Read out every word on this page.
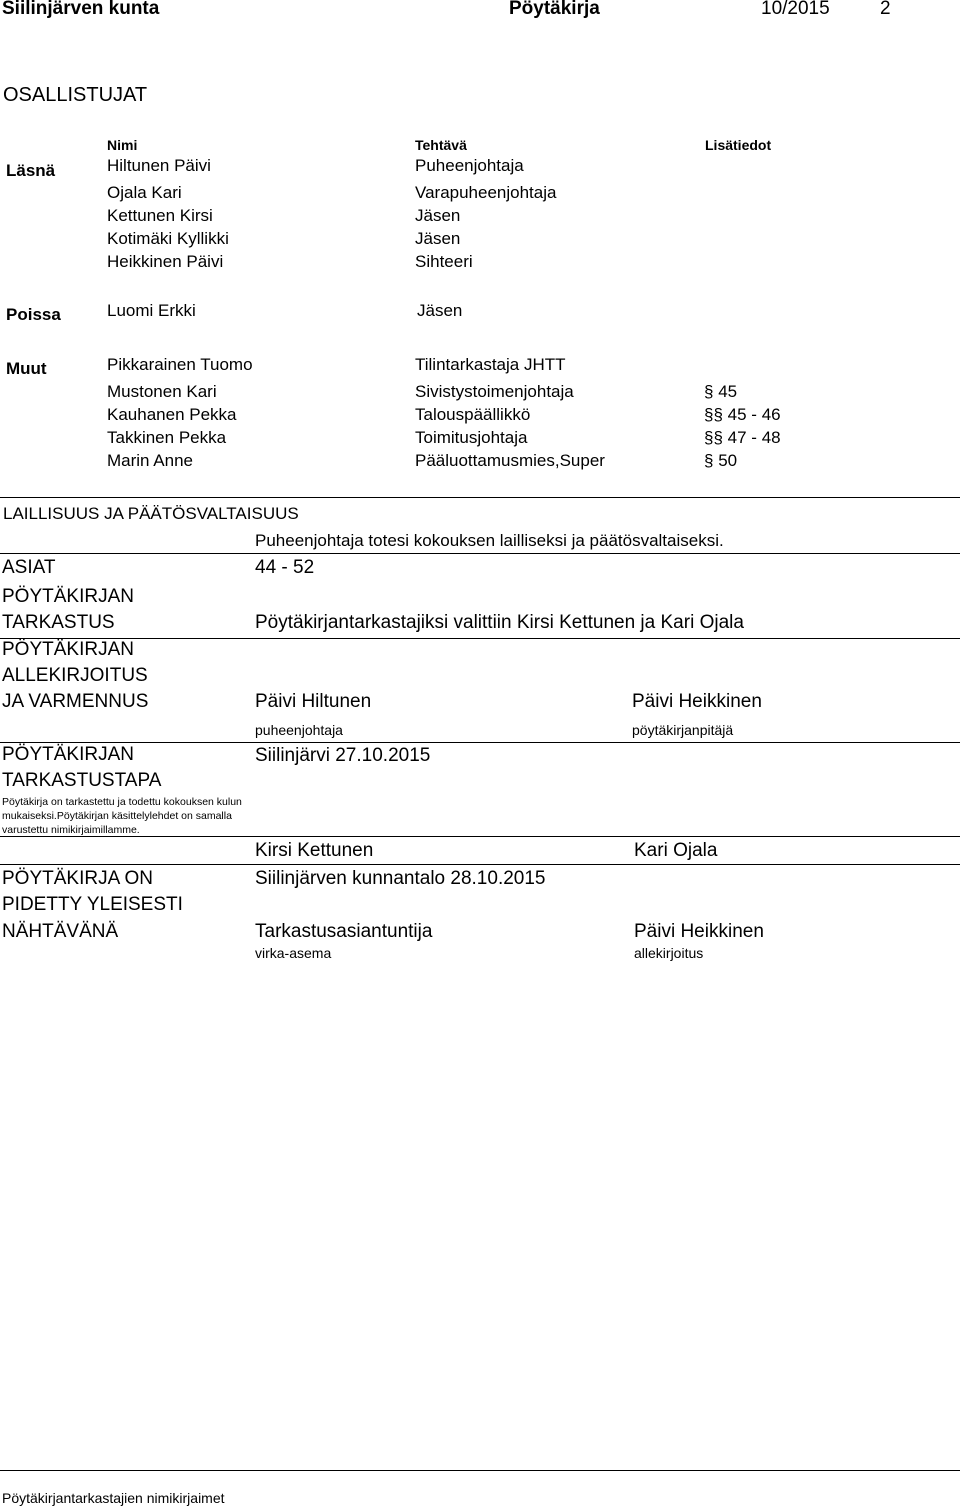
Siilinjärven kunta	Pöytäkirja	10/2015	2
OSALLISTUJAT
Nimi	Tehtävä	Lisätiedot
Läsnä	Hiltunen Päivi	Puheenjohtaja
Ojala Kari	Varapuheenjohtaja
Kettunen Kirsi	Jäsen
Kotimäki Kyllikki	Jäsen
Heikkinen Päivi	Sihteeri
Poissa	Luomi Erkki	Jäsen
Muut	Pikkarainen Tuomo	Tilintarkastaja JHTT
Mustonen Kari	Sivistystoimenjohtaja	§ 45
Kauhanen Pekka	Talouspäällikkö	§§ 45 - 46
Takkinen Pekka	Toimitusjohtaja	§§ 47 - 48
Marin Anne	Pääluottamusmies,Super	§ 50
LAILLISUUS JA PÄÄTÖSVALTAISUUS
Puheenjohtaja totesi kokouksen lailliseksi ja päätösvaltaiseksi.
ASIAT	44 - 52
PÖYTÄKIRJAN
TARKASTUS	Pöytäkirjantarkastajiksi valittiin Kirsi Kettunen ja Kari Ojala
PÖYTÄKIRJAN
ALLEKIRJOITUS
JA VARMENNUS	Päivi Hiltunen	Päivi Heikkinen
puheenjohtaja	pöytäkirjanpitäjä
PÖYTÄKIRJAN	Siilinjärvi 27.10.2015
TARKASTUSTAPA
Pöytäkirja on tarkastettu ja todettu kokouksen kulun mukaiseksi.Pöytäkirjan käsittelylehdet on samalla varustettu nimikirjaimillamme.
Kirsi Kettunen	Kari Ojala
PÖYTÄKIRJA ON	Siilinjärven kunnantalo 28.10.2015
PIDETTY YLEISESTI
NÄHTÄVÄNÄ	Tarkastusasiantuntija	Päivi Heikkinen
virka-asema	allekirjoitus
Pöytäkirjantarkastajien nimikirjaimet
